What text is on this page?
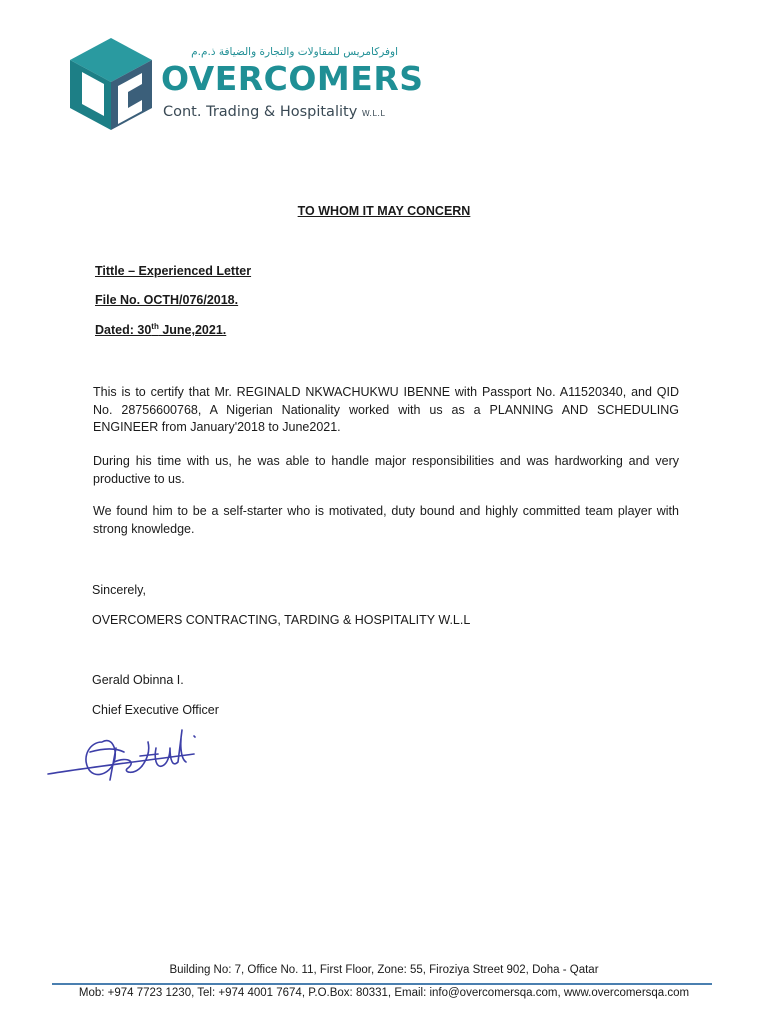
اوفركامريس للمقاولات والتجارة والضيافة ذ.م.م
OVERCOMERS
Cont. Trading & Hospitality W.L.L
TO WHOM IT MAY CONCERN
Tittle – Experienced Letter
File No. OCTH/076/2018.
Dated: 30th June,2021.

This is to certify that Mr. REGINALD NKWACHUKWU IBENNE with Passport No. A11520340, and QID No. 28756600768, A Nigerian Nationality worked with us as a PLANNING AND SCHEDULING ENGINEER from January'2018 to June2021.

During his time with us, he was able to handle major responsibilities and was hardworking and very productive to us.

We found him to be a self-starter who is motivated, duty bound and highly committed team player with strong knowledge.

Sincerely,
OVERCOMERS CONTRACTING, TARDING & HOSPITALITY W.L.L
Gerald Obinna I.
Chief Executive Officer
Building No: 7, Office No. 11, First Floor, Zone: 55, Firoziya Street 902, Doha - Qatar
Mob: +974 7723 1230, Tel: +974 4001 7674, P.O.Box: 80331, Email: info@overcomersqa.com, www.overcomersqa.com
